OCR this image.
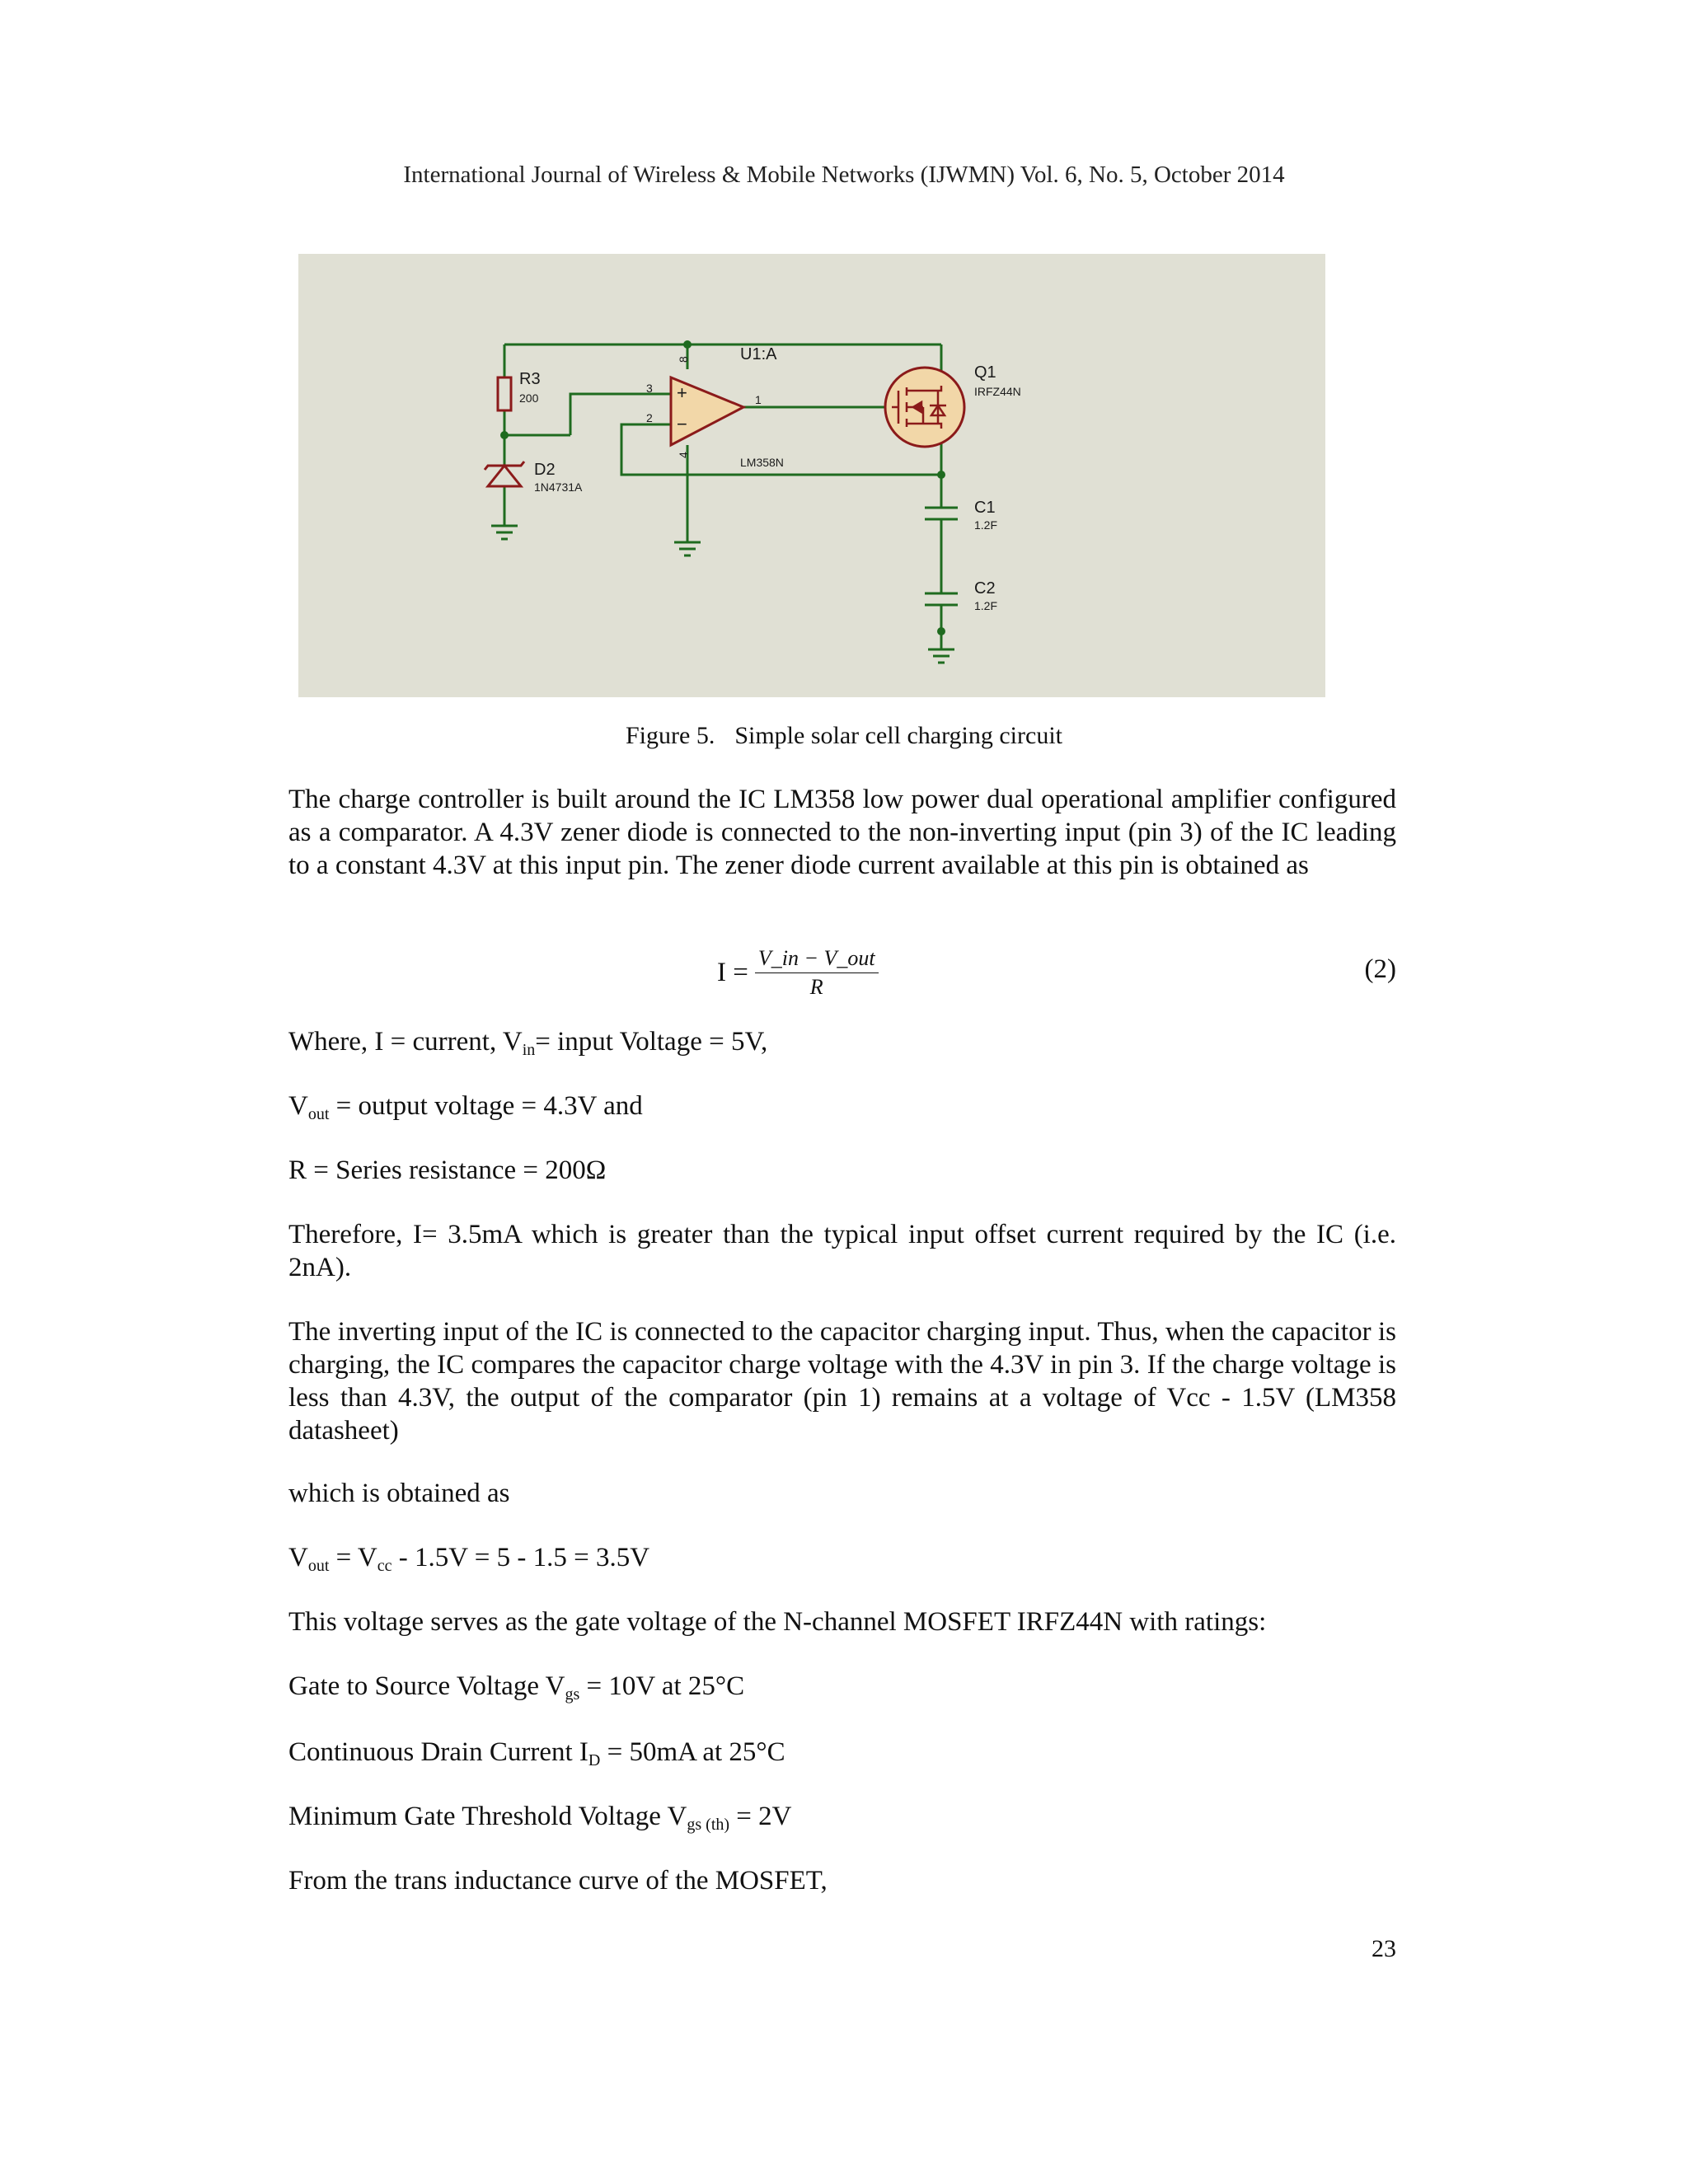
International Journal of Wireless & Mobile Networks (IJWMN) Vol. 6, No. 5, October 2014
R3
200
D2
1N4731A
+
−
3
2
1
8
4
U1:A
LM358N
Q1
IRFZ44N
C1
1.2F
C2
1.2F
Figure 5. Simple solar cell charging circuit
The charge controller is built around the IC LM358 low power dual operational amplifier configured as a comparator. A 4.3V zener diode is connected to the non-inverting input (pin 3) of the IC leading to a constant 4.3V at this input pin. The zener diode current available at this pin is obtained as
$I = \frac{\text{V\_in − V\_out}}{R}$	(2)
Where, I = current, $V_{in}=$ input Voltage = 5V,
$V_{out}$ = output voltage = 4.3V and
R = Series resistance = 200Ω
Therefore, I= 3.5mA which is greater than the typical input offset current required by the IC (i.e. 2nA).
The inverting input of the IC is connected to the capacitor charging input. Thus, when the capacitor is charging, the IC compares the capacitor charge voltage with the 4.3V in pin 3. If the charge voltage is less than 4.3V, the output of the comparator (pin 1) remains at a voltage of Vcc - 1.5V (LM358 datasheet)
which is obtained as
$V_{out} = V_{cc} - 1.5V = 5 - 1.5 = 3.5V$
This voltage serves as the gate voltage of the N-channel MOSFET IRFZ44N with ratings:
Gate to Source Voltage $V_{gs} = 10V$ at 25°C
Continuous Drain Current $I_D = 50mA$ at 25°C
Minimum Gate Threshold Voltage $V_{gs (th)} = 2V$
From the trans inductance curve of the MOSFET,
23
